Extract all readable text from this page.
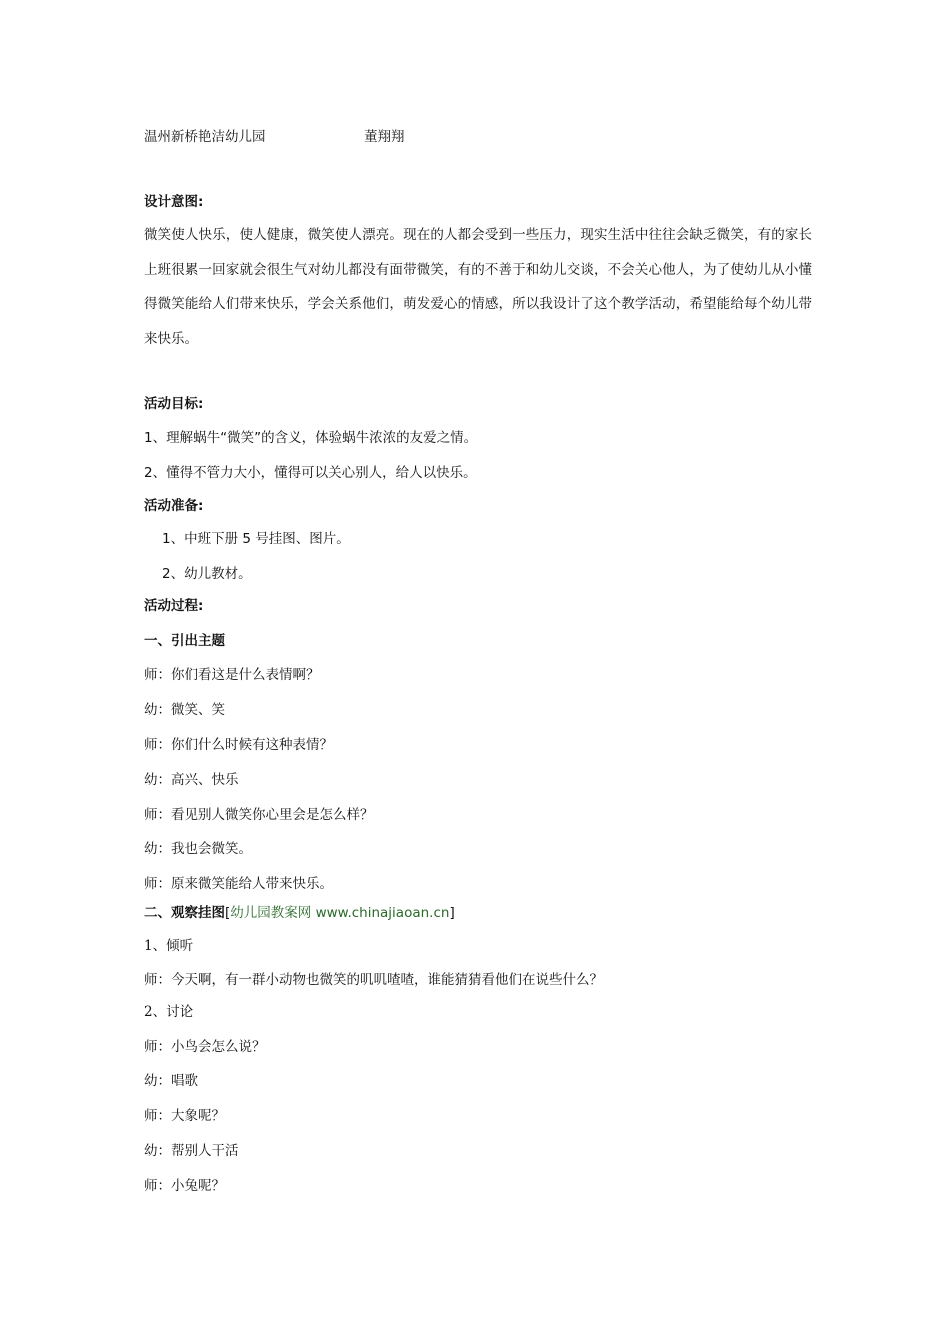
温州新桥艳洁幼儿园	董翔翔
设计意图:
微笑使人快乐，使人健康，微笑使人漂亮。现在的人都会受到一些压力，现实生活中往往会缺乏微笑，有的家长上班很累一回家就会很生气对幼儿都没有面带微笑，有的不善于和幼儿交谈，不会关心他人，为了使幼儿从小懂得微笑能给人们带来快乐，学会关系他们，萌发爱心的情感，所以我设计了这个教学活动，希望能给每个幼儿带来快乐。
活动目标:
1、理解蜗牛“微笑”的含义，体验蜗牛浓浓的友爱之情。
2、懂得不管力大小，懂得可以关心别人，给人以快乐。
活动准备:
1、中班下册 5 号挂图、图片。
2、幼儿教材。
活动过程:
一、引出主题
师：你们看这是什么表情啊？
幼：微笑、笑
师：你们什么时候有这种表情？
幼：高兴、快乐
师：看见别人微笑你心里会是怎么样？
幼：我也会微笑。
师：原来微笑能给人带来快乐。
二、观察挂图[幼儿园教案网 www.chinajiaoan.cn]
1、倾听
师：今天啊，有一群小动物也微笑的叽叽喳喳，谁能猜猜看他们在说些什么？
2、讨论
师：小鸟会怎么说？
幼：唱歌
师：大象呢？
幼：帮别人干活
师：小兔呢？
